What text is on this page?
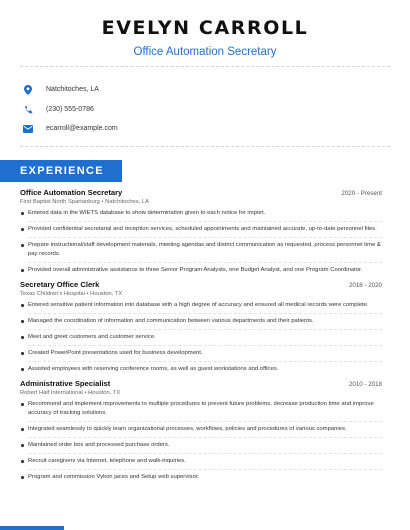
EVELYN CARROLL
Office Automation Secretary
Natchitoches, LA
(230) 555-0786
ecarroll@example.com
EXPERIENCE
Office Automation Secretary	2020 - Present
First Baptist North Spartanburg • Natchitoches, LA
Entered data in the WIETS database to show determination given to each notice for import.
Provided confidential secretarial and reception services, scheduled appointments and maintained accurate, up-to-date personnel files.
Prepare instructional/staff development materials, meeting agendas and district communication as requested, process personnel time & pay records.
Provided overall administrative assistance to three Senior Program Analysts, one Budget Analyst, and one Program Coordinator.
Secretary Office Clerk	2018 - 2020
Texas Children's Hospital • Houston, TX
Entered sensitive patient information into database with a high degree of accuracy and ensured all medical records were complete.
Managed the coordination of information and communication between various departments and their patients.
Meet and greet customers and customer service.
Created PowerPoint presentations used for business development.
Assisted employees with reserving conference rooms, as well as guest workstations and offices.
Administrative Specialist	2010 - 2018
Robert Half International • Houston, TX
Recommend and implement improvements to multiple procedures to prevent future problems, decrease production time and improve accuracy of tracking solutions.
Integrated seamlessly to quickly learn organizational processes, workflows, policies and procedures of various companies.
Maintained order box and processed purchase orders.
Recruit caregivers via Internet, telephone and walk-inquiries.
Program and commission Vykon jaces and Setup web supervisor.
